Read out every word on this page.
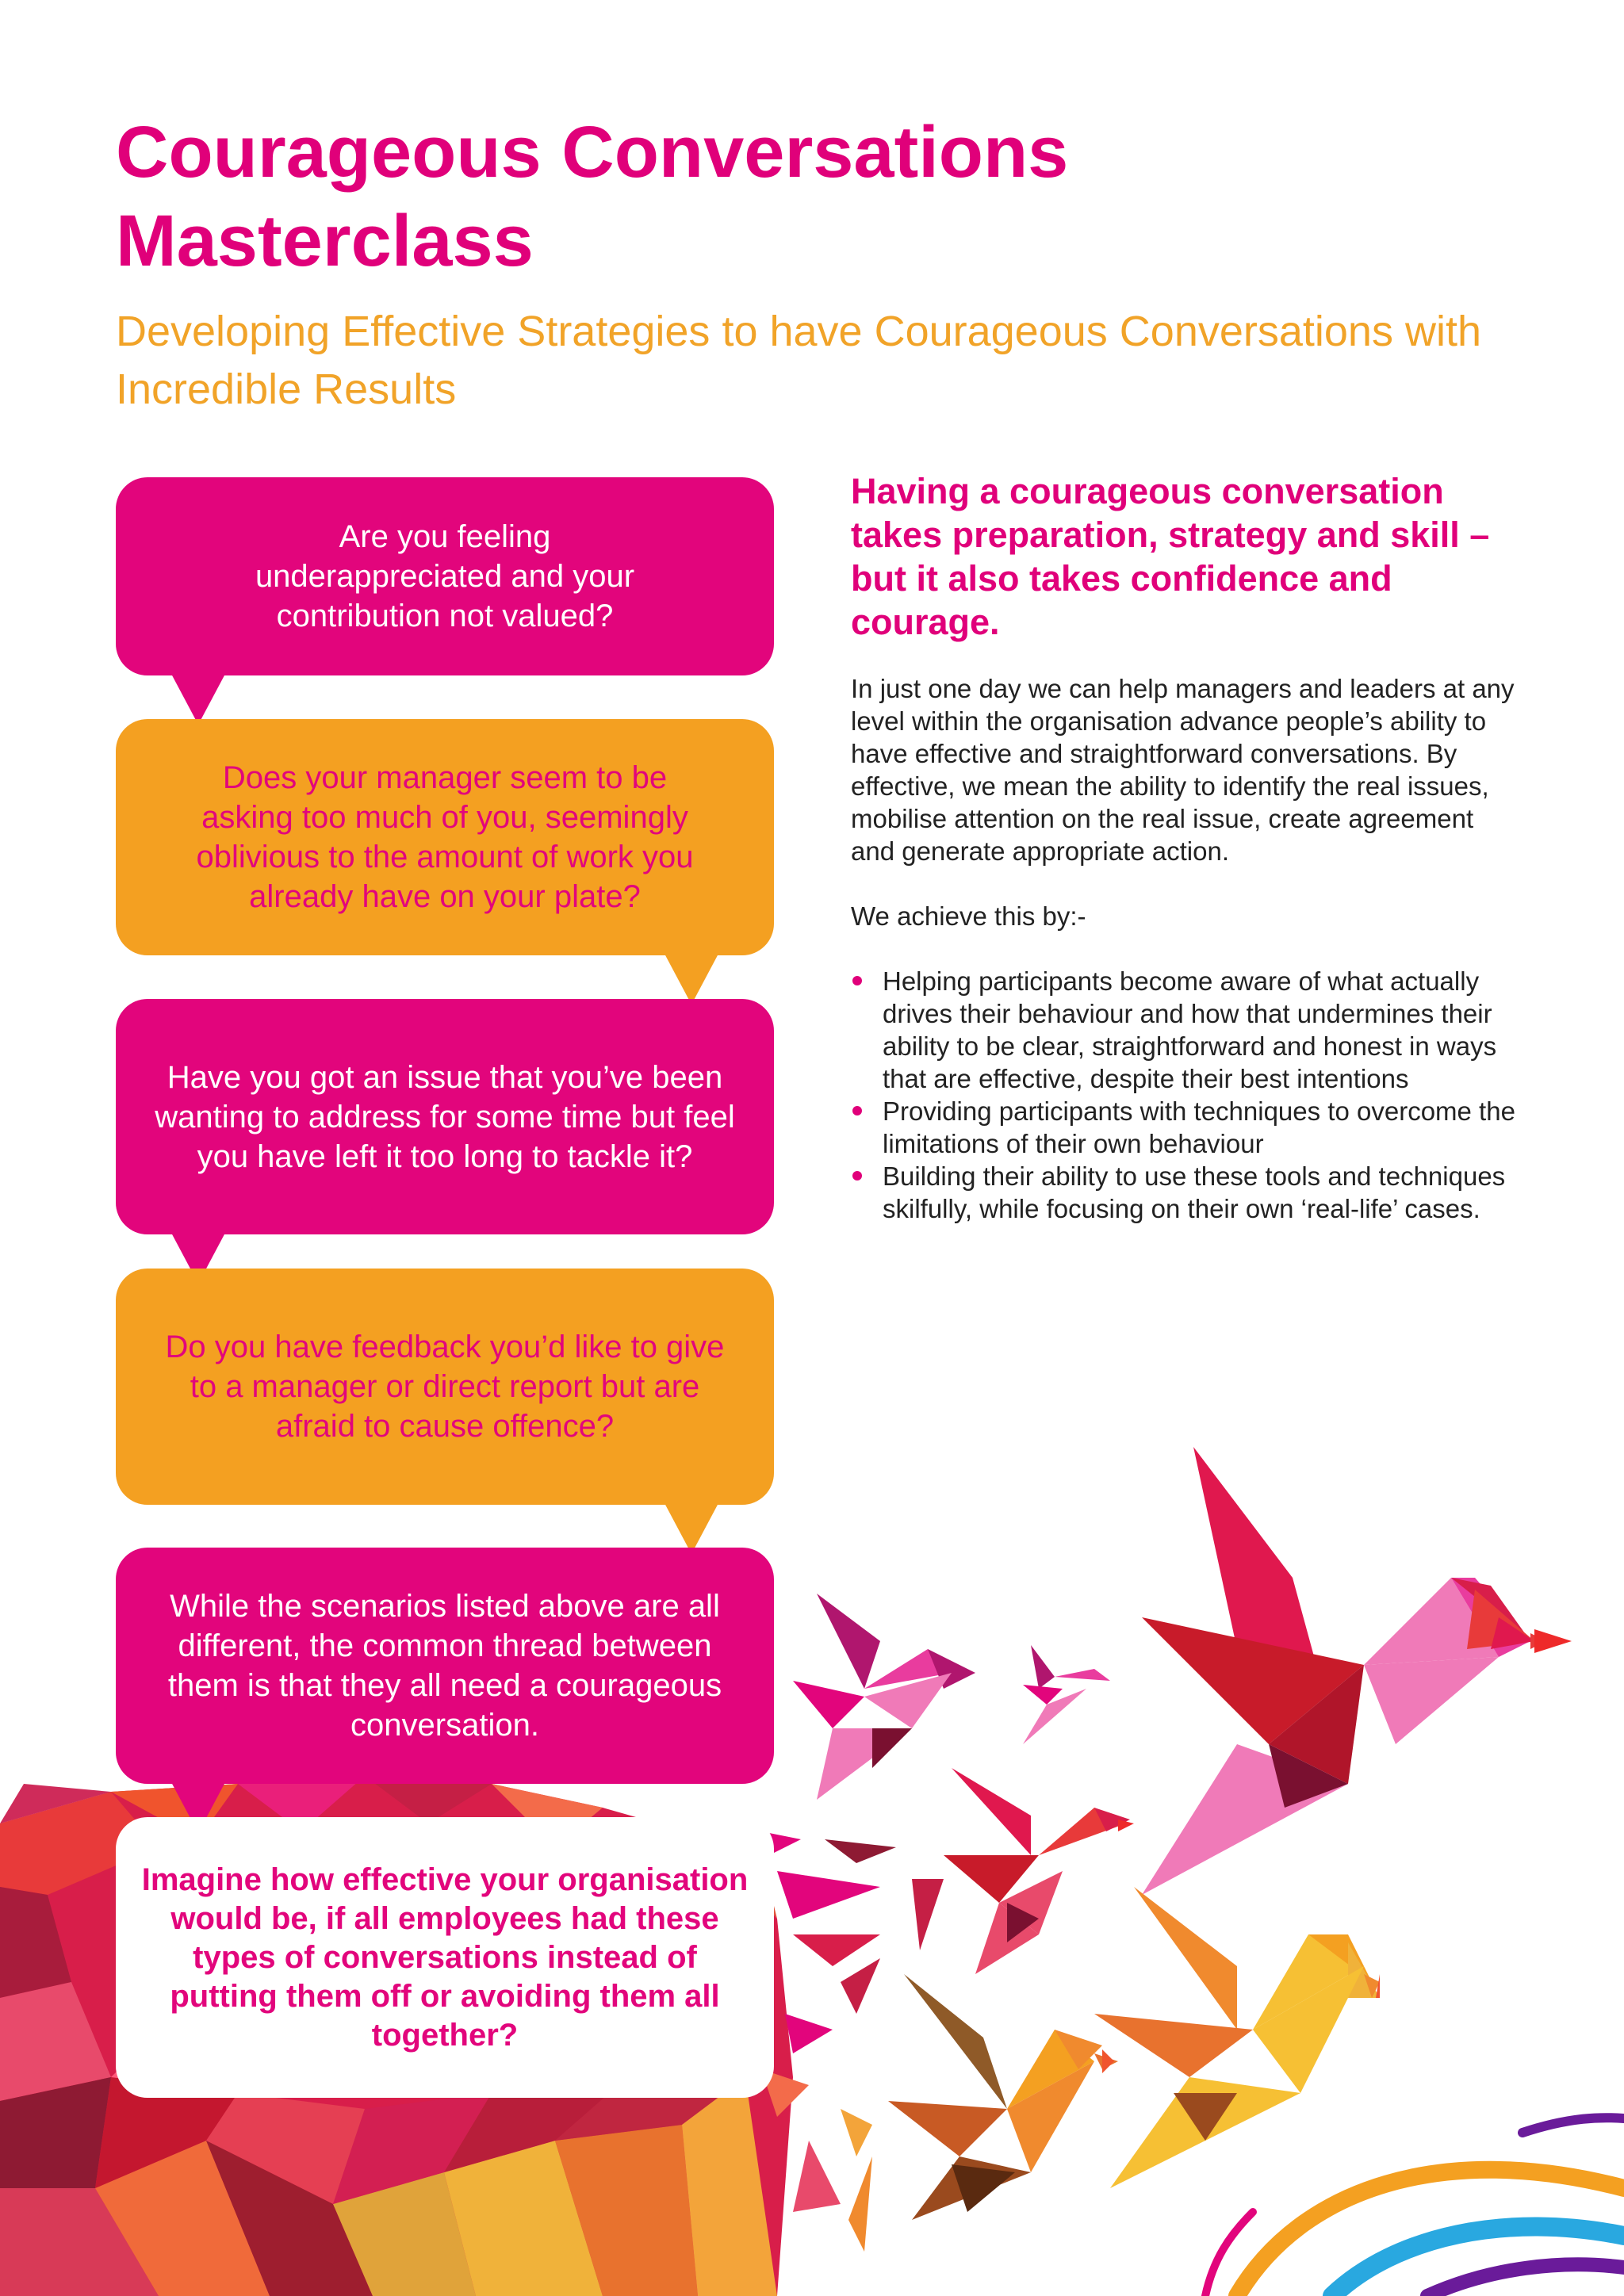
Courageous Conversations Masterclass

Developing Effective Strategies to have Courageous Conversations with Incredible Results

Are you feeling underappreciated and your contribution not valued?

Does your manager seem to be asking too much of you, seemingly oblivious to the amount of work you already have on your plate?

Have you got an issue that you’ve been wanting to address for some time but feel you have left it too long to tackle it?

Do you have feedback you’d like to give to a manager or direct report but are afraid to cause offence?

While the scenarios listed above are all different, the common thread between them is that they all need a courageous conversation.

Imagine how effective your organisation would be, if all employees had these types of conversations instead of putting them off or avoiding them all together?

Having a courageous conversation takes preparation, strategy and skill – but it also takes confidence and courage.

In just one day we can help managers and leaders at any level within the organisation advance people’s ability to have effective and straightforward conversations. By effective, we mean the ability to identify the real issues, mobilise attention on the real issue, create agreement and generate appropriate action.

We achieve this by:-

Helping participants become aware of what actually drives their behaviour and how that undermines their ability to be clear, straightforward and honest in ways that are effective, despite their best intentions
Providing participants with techniques to overcome the limitations of their own behaviour
Building their ability to use these tools and techniques skilfully, while focusing on their own ‘real-life’ cases.
